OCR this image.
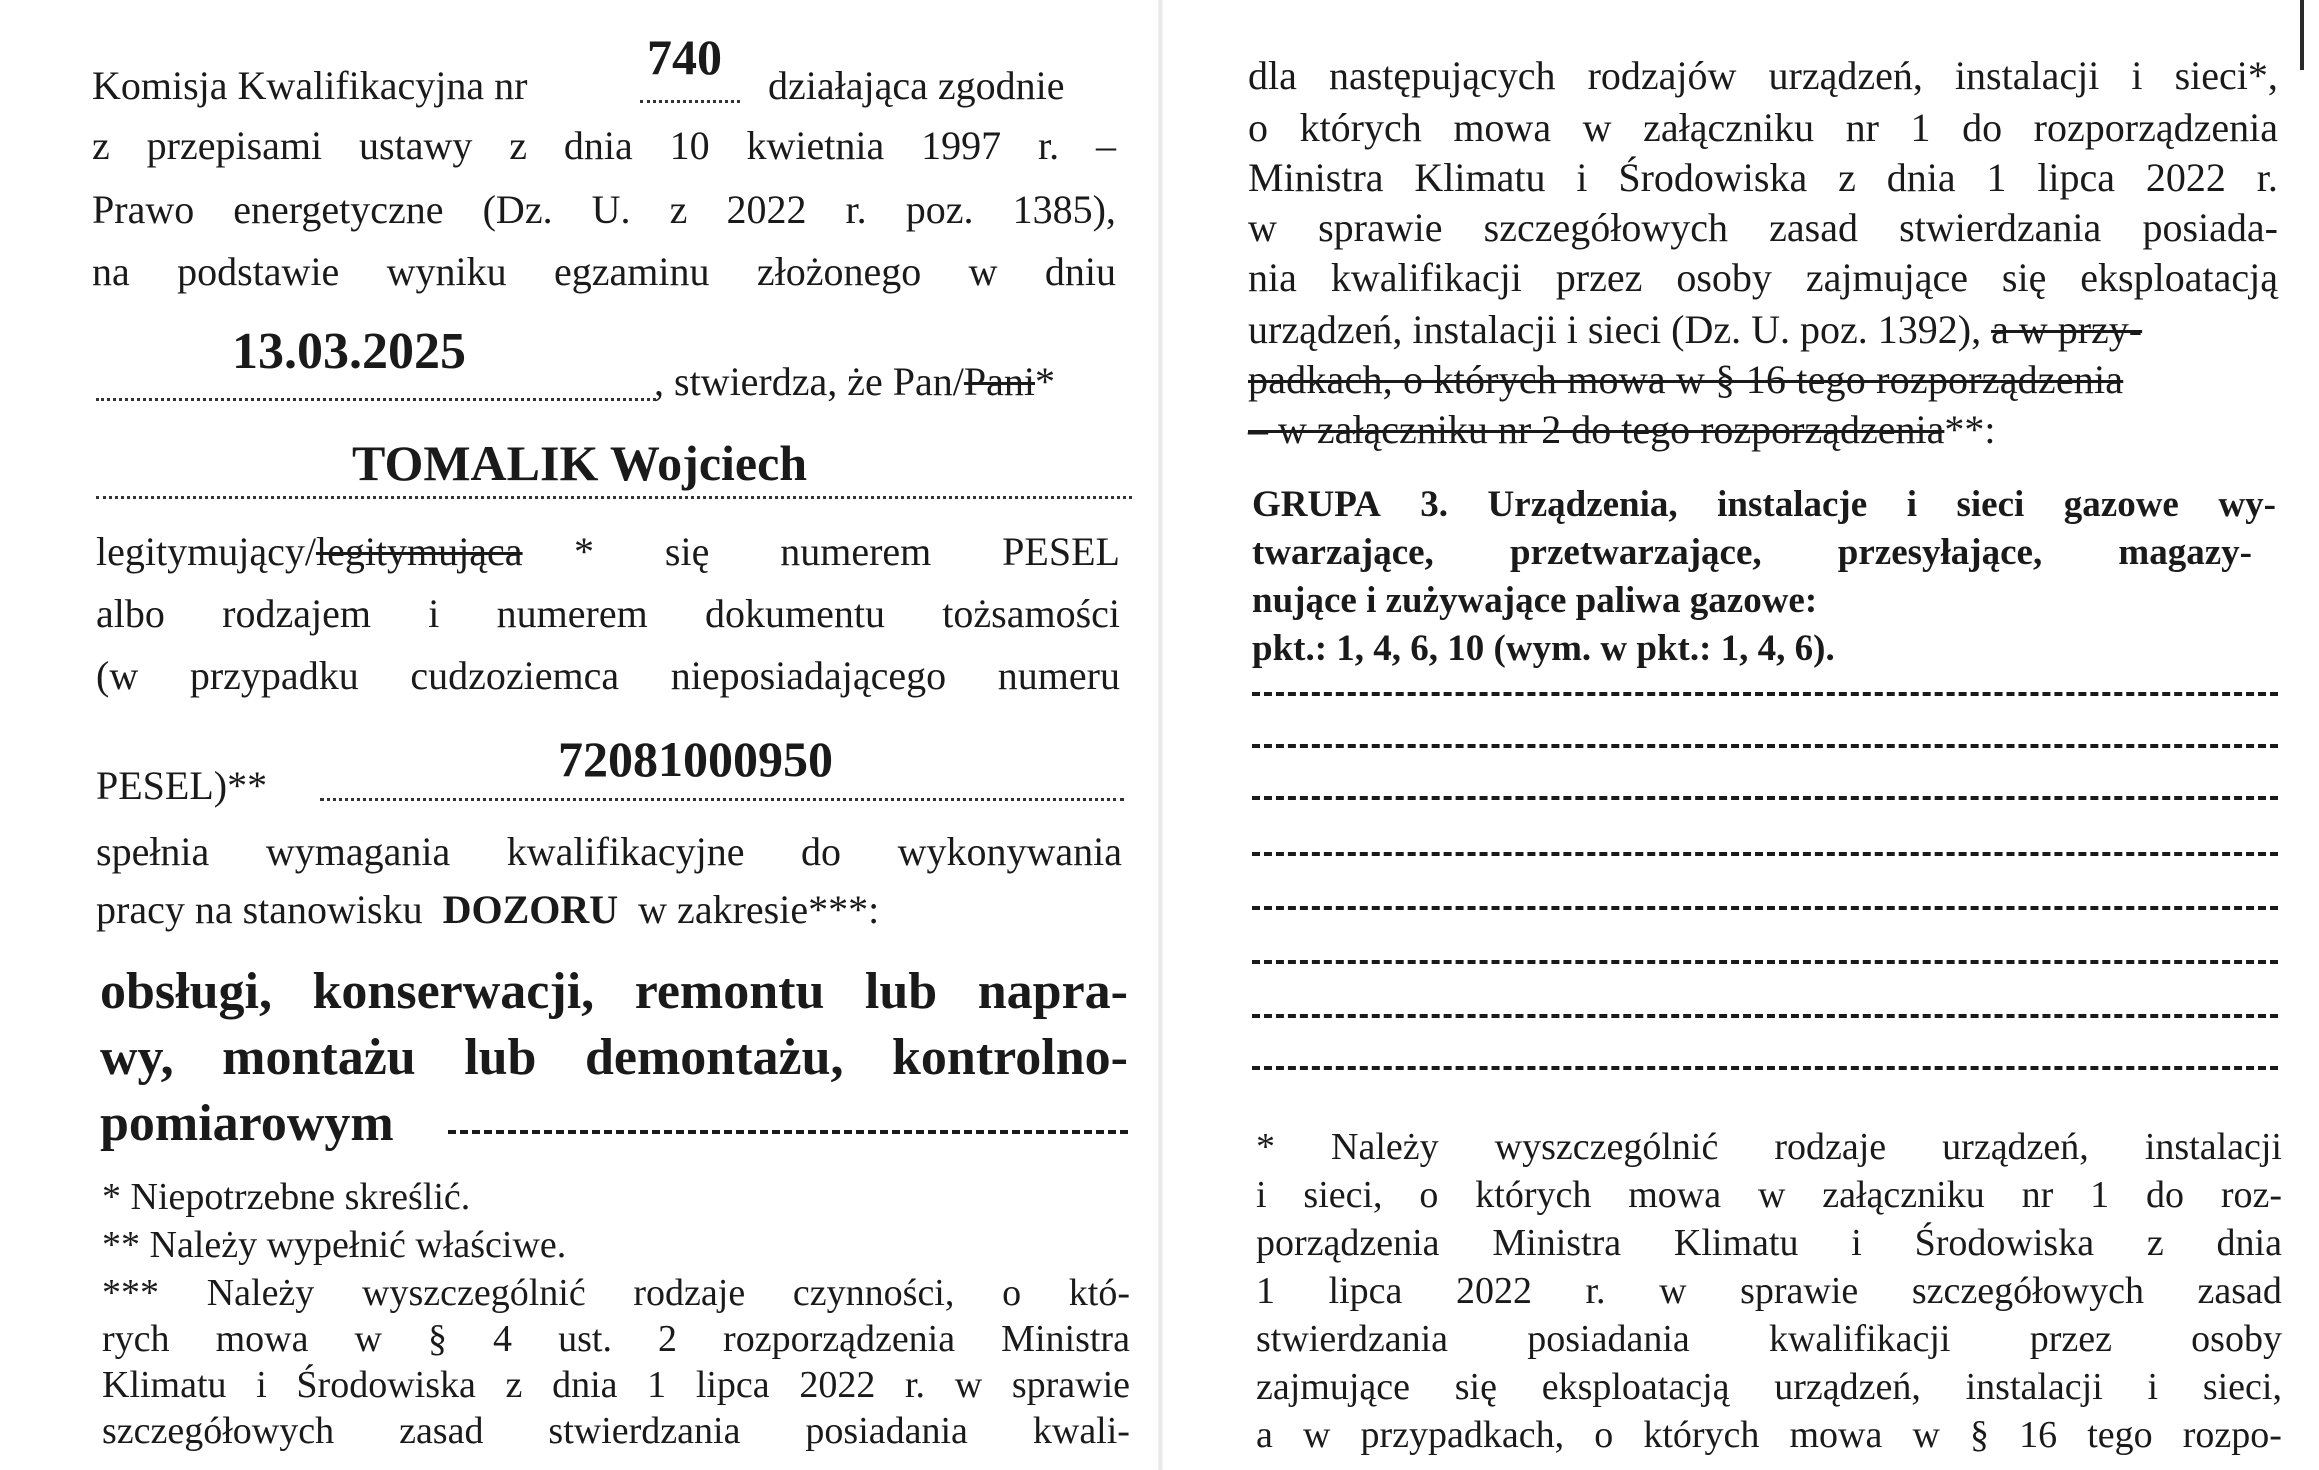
Komisja Kwalifikacyjna nr
740
działająca zgodnie
z przepisami ustawy z dnia 10 kwietnia 1997 r. –
Prawo energetyczne (Dz. U. z 2022 r. poz. 1385),
na podstawie wyniku egzaminu złożonego w dniu
13.03.2025
, stwierdza, że Pan/Pani*
TOMALIK Wojciech
legitymujący/legitymująca * się numerem PESEL
albo rodzajem i numerem dokumentu tożsamości
(w przypadku cudzoziemca nieposiadającego numeru
72081000950
PESEL)**
spełnia wymagania kwalifikacyjne do wykonywania
pracy na stanowisku DOZORU w zakresie***:
obsługi, konserwacji, remontu lub napra-
wy, montażu lub demontażu, kontrolno-
pomiarowym
* Niepotrzebne skreślić.
** Należy wypełnić właściwe.
*** Należy wyszczególnić rodzaje czynności, o któ-
rych mowa w § 4 ust. 2 rozporządzenia Ministra
Klimatu i Środowiska z dnia 1 lipca 2022 r. w sprawie
szczegółowych zasad stwierdzania posiadania kwali-
dla następujących rodzajów urządzeń, instalacji i sieci*,
o których mowa w załączniku nr 1 do rozporządzenia
Ministra Klimatu i Środowiska z dnia 1 lipca 2022 r.
w sprawie szczegółowych zasad stwierdzania posiada-
nia kwalifikacji przez osoby zajmujące się eksploatacją
urządzeń, instalacji i sieci (Dz. U. poz. 1392), a w przy-
padkach, o których mowa w § 16 tego rozporządzenia
– w załączniku nr 2 do tego rozporządzenia**:
GRUPA 3. Urządzenia, instalacje i sieci gazowe wy-
twarzające, przetwarzające, przesyłające, magazy-
nujące i zużywające paliwa gazowe:
pkt.: 1, 4, 6, 10 (wym. w pkt.: 1, 4, 6).
* Należy wyszczególnić rodzaje urządzeń, instalacji
i sieci, o których mowa w załączniku nr 1 do roz-
porządzenia Ministra Klimatu i Środowiska z dnia
1 lipca 2022 r. w sprawie szczegółowych zasad
stwierdzania posiadania kwalifikacji przez osoby
zajmujące się eksploatacją urządzeń, instalacji i sieci,
a w przypadkach, o których mowa w § 16 tego rozpo-
